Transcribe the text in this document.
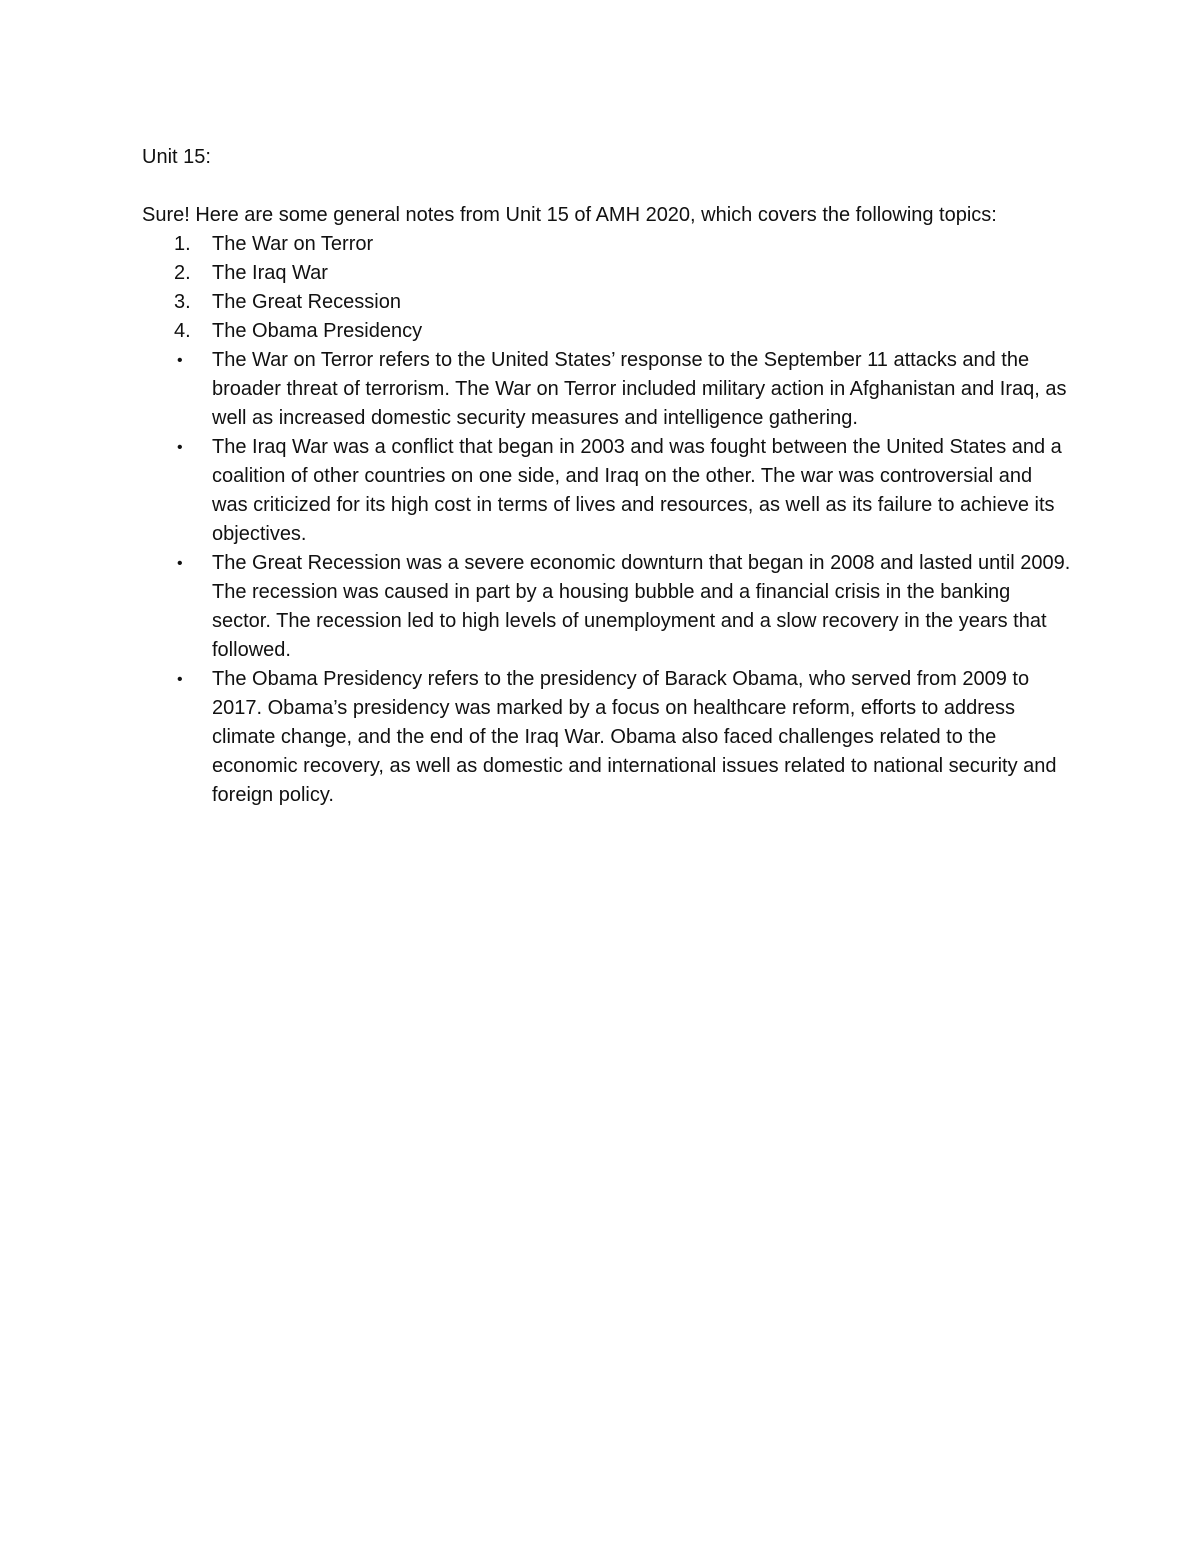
Unit 15:

Sure! Here are some general notes from Unit 15 of AMH 2020, which covers the following topics:

1.	The War on Terror
2.	The Iraq War
3.	The Great Recession
4.	The Obama Presidency
•	The War on Terror refers to the United States’ response to the September 11 attacks and the broader threat of terrorism. The War on Terror included military action in Afghanistan and Iraq, as well as increased domestic security measures and intelligence gathering.
•	The Iraq War was a conflict that began in 2003 and was fought between the United States and a coalition of other countries on one side, and Iraq on the other. The war was controversial and was criticized for its high cost in terms of lives and resources, as well as its failure to achieve its objectives.
•	The Great Recession was a severe economic downturn that began in 2008 and lasted until 2009. The recession was caused in part by a housing bubble and a financial crisis in the banking sector. The recession led to high levels of unemployment and a slow recovery in the years that followed.
•	The Obama Presidency refers to the presidency of Barack Obama, who served from 2009 to 2017. Obama’s presidency was marked by a focus on healthcare reform, efforts to address climate change, and the end of the Iraq War. Obama also faced challenges related to the economic recovery, as well as domestic and international issues related to national security and foreign policy.
